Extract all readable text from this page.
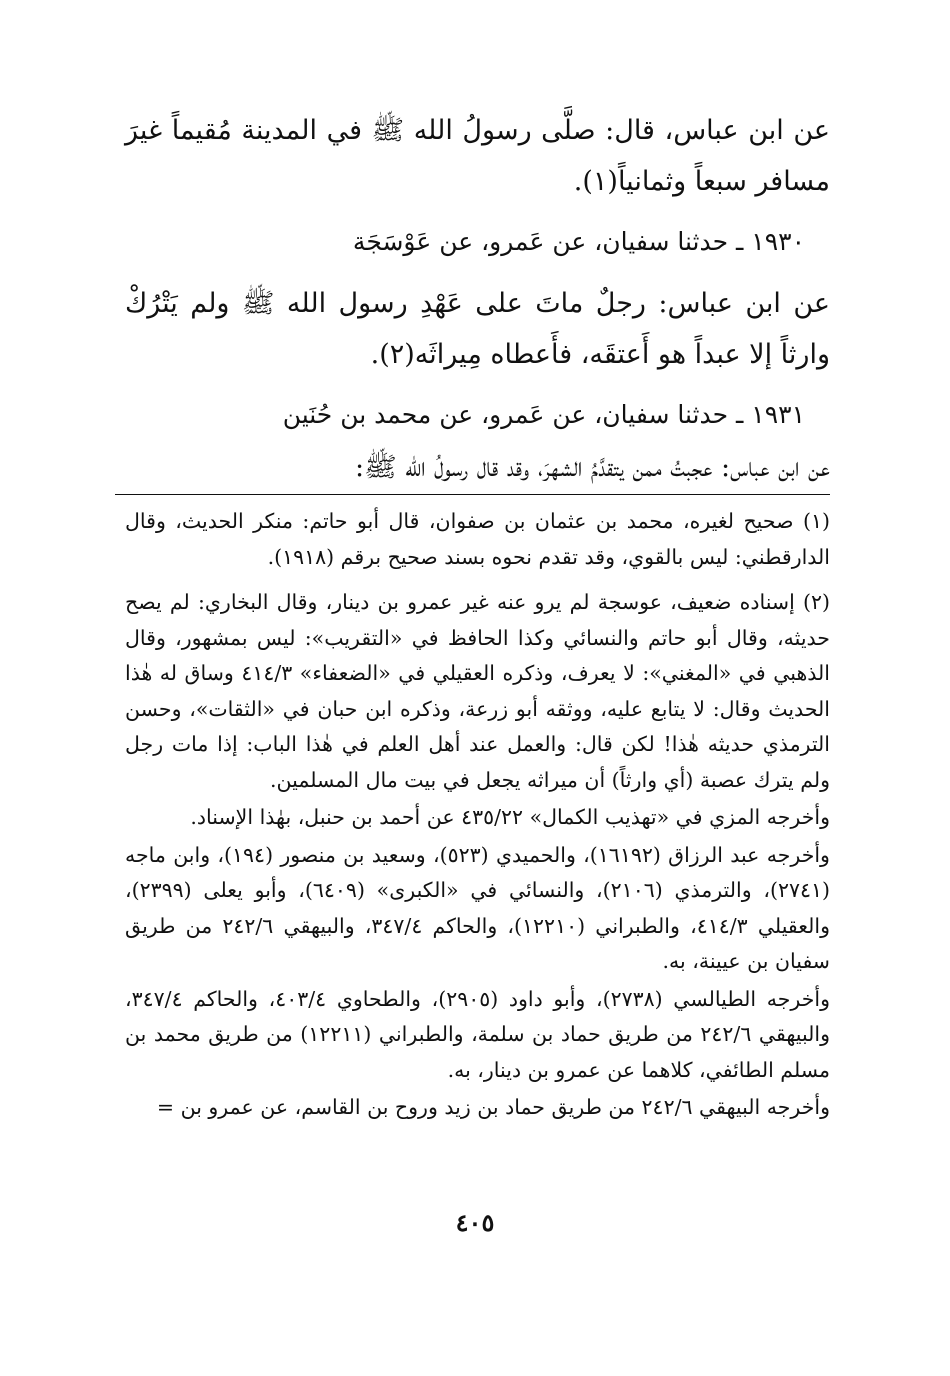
عن ابن عباس، قال: صلَّى رسولُ الله ﷺ في المدينة مُقيماً غيرَ مسافر سبعاً وثمانياً(١).
١٩٣٠ ـ حدثنا سفيان، عن عَمرو، عن عَوْسَجَة
عن ابن عباس: رجلٌ ماتَ على عَهْدِ رسول الله ﷺ ولم يَتْرُكْ وارثاً إلا عبداً هو أَعتقَه، فأَعطاه مِيراثَه(٢).
١٩٣١ ـ حدثنا سفيان، عن عَمرو، عن محمد بن حُنَين
عن ابن عباس: عجبتُ ممن يتقدَّمُ الشهرَ، وقد قال رسولُ الله ﷺ:

(١) صحيح لغيره، محمد بن عثمان بن صفوان، قال أبو حاتم: منكر الحديث، وقال الدارقطني: ليس بالقوي، وقد تقدم نحوه بسند صحيح برقم (١٩١٨).

(٢) إسناده ضعيف، عوسجة لم يرو عنه غير عمرو بن دينار، وقال البخاري: لم يصح حديثه، وقال أبو حاتم والنسائي وكذا الحافظ في «التقريب»: ليس بمشهور، وقال الذهبي في «المغني»: لا يعرف، وذكره العقيلي في «الضعفاء» ٤١٤/٣ وساق له هٰذا الحديث وقال: لا يتابع عليه، ووثقه أبو زرعة، وذكره ابن حبان في «الثقات»، وحسن الترمذي حديثه هٰذا! لكن قال: والعمل عند أهل العلم في هٰذا الباب: إذا مات رجل ولم يترك عصبة (أي وارثاً) أن ميراثه يجعل في بيت مال المسلمين.

وأخرجه المزي في «تهذيب الكمال» ٤٣٥/٢٢ عن أحمد بن حنبل، بهٰذا الإسناد.

وأخرجه عبد الرزاق (١٦١٩٢)، والحميدي (٥٢٣)، وسعيد بن منصور (١٩٤)، وابن ماجه (٢٧٤١)، والترمذي (٢١٠٦)، والنسائي في «الكبرى» (٦٤٠٩)، وأبو يعلى (٢٣٩٩)، والعقيلي ٤١٤/٣، والطبراني (١٢٢١٠)، والحاكم ٣٤٧/٤، والبيهقي ٢٤٢/٦ من طريق سفيان بن عيينة، به.

وأخرجه الطيالسي (٢٧٣٨)، وأبو داود (٢٩٠٥)، والطحاوي ٤٠٣/٤، والحاكم ٣٤٧/٤، والبيهقي ٢٤٢/٦ من طريق حماد بن سلمة، والطبراني (١٢٢١١) من طريق محمد بن مسلم الطائفي، كلاهما عن عمرو بن دينار، به.

وأخرجه البيهقي ٢٤٢/٦ من طريق حماد بن زيد وروح بن القاسم، عن عمرو بن =

٤٠٥
